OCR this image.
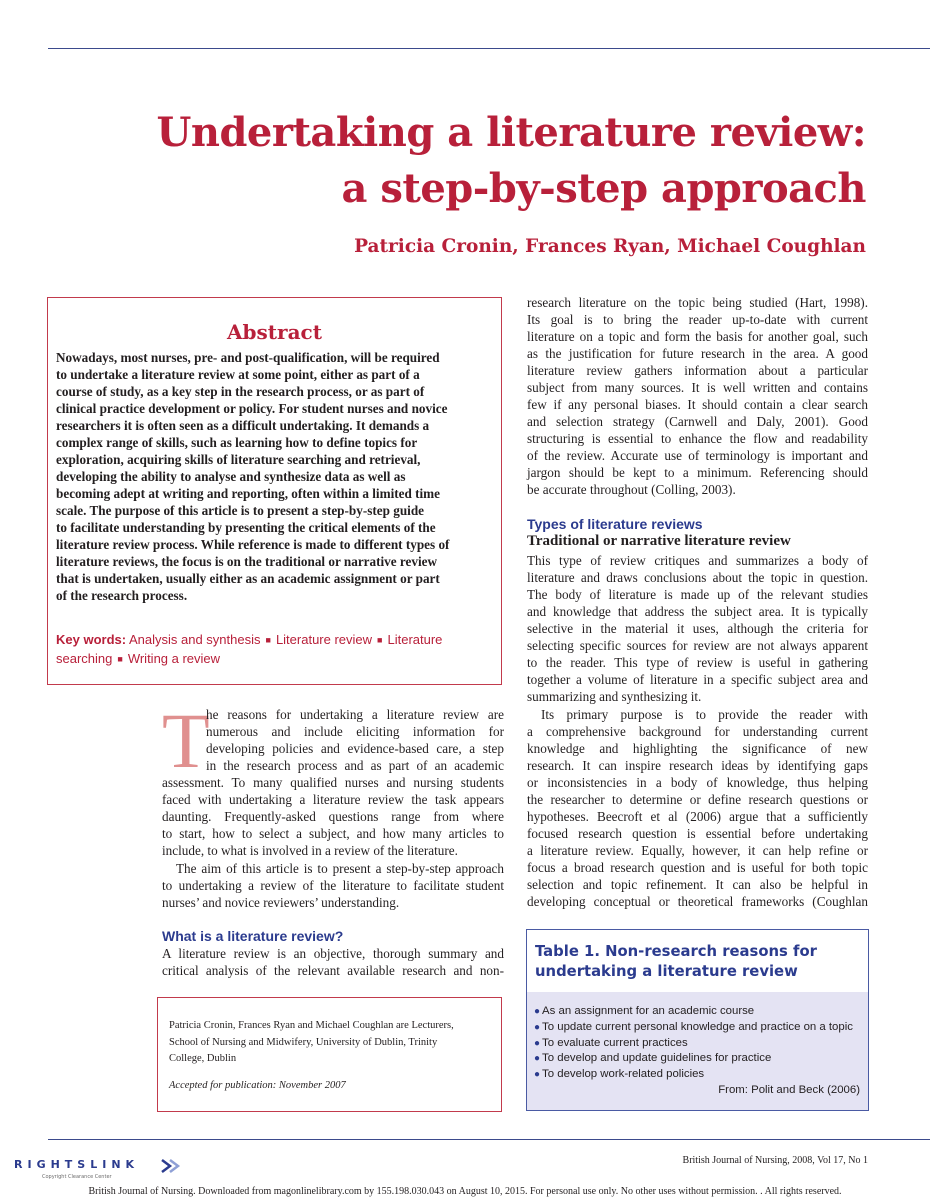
Undertaking a literature review:
a step-by-step approach
Patricia Cronin, Frances Ryan, Michael Coughlan
Abstract
Nowadays, most nurses, pre- and post-qualification, will be required
to undertake a literature review at some point, either as part of a
course of study, as a key step in the research process, or as part of
clinical practice development or policy. For student nurses and novice
researchers it is often seen as a difficult undertaking. It demands a
complex range of skills, such as learning how to define topics for
exploration, acquiring skills of literature searching and retrieval,
developing the ability to analyse and synthesize data as well as
becoming adept at writing and reporting, often within a limited time
scale. The purpose of this article is to present a step-by-step guide
to facilitate understanding by presenting the critical elements of the
literature review process. While reference is made to different types of
literature reviews, the focus is on the traditional or narrative review
that is undertaken, usually either as an academic assignment or part
of the research process.
Key words: Analysis and synthesis ■ Literature review ■ Literature searching ■ Writing a review
T
he reasons for undertaking a literature review are
numerous and include eliciting information for
developing policies and evidence-based care, a step
in the research process and as part of an academic
assessment. To many qualified nurses and nursing students
faced with undertaking a literature review the task appears
daunting. Frequently-asked questions range from where
to start, how to select a subject, and how many articles to
include, to what is involved in a review of the literature.
The aim of this article is to present a step-by-step approach
to undertaking a review of the literature to facilitate student
nurses’ and novice reviewers’ understanding.
What is a literature review?
A literature review is an objective, thorough summary and
critical analysis of the relevant available research and non-
Patricia Cronin, Frances Ryan and Michael Coughlan are Lecturers,
School of Nursing and Midwifery, University of Dublin, Trinity
College, Dublin
Accepted for publication: November 2007
research literature on the topic being studied (Hart, 1998).
Its goal is to bring the reader up-to-date with current
literature on a topic and form the basis for another goal, such
as the justification for future research in the area. A good
literature review gathers information about a particular
subject from many sources. It is well written and contains
few if any personal biases. It should contain a clear search
and selection strategy (Carnwell and Daly, 2001). Good
structuring is essential to enhance the flow and readability
of the review. Accurate use of terminology is important and
jargon should be kept to a minimum. Referencing should
be accurate throughout (Colling, 2003).
Types of literature reviews
Traditional or narrative literature review
This type of review critiques and summarizes a body of
literature and draws conclusions about the topic in question.
The body of literature is made up of the relevant studies
and knowledge that address the subject area. It is typically
selective in the material it uses, although the criteria for
selecting specific sources for review are not always apparent
to the reader. This type of review is useful in gathering
together a volume of literature in a specific subject area and
summarizing and synthesizing it.
Its primary purpose is to provide the reader with
a comprehensive background for understanding current
knowledge and highlighting the significance of new
research. It can inspire research ideas by identifying gaps
or inconsistencies in a body of knowledge, thus helping
the researcher to determine or define research questions or
hypotheses. Beecroft et al (2006) argue that a sufficiently
focused research question is essential before undertaking
a literature review. Equally, however, it can help refine or
focus a broad research question and is useful for both topic
selection and topic refinement. It can also be helpful in
developing conceptual or theoretical frameworks (Coughlan
Table 1. Non-research reasons for
undertaking a literature review
● As an assignment for an academic course
● To update current personal knowledge and practice on a topic
● To evaluate current practices
● To develop and update guidelines for practice
● To develop work-related policies
From: Polit and Beck (2006)
RIGHTSLINK
Copyright Clearance Center
British Journal of Nursing, 2008, Vol 17, No 1
British Journal of Nursing. Downloaded from magonlinelibrary.com by 155.198.030.043 on August 10, 2015. For personal use only. No other uses without permission. . All rights reserved.
